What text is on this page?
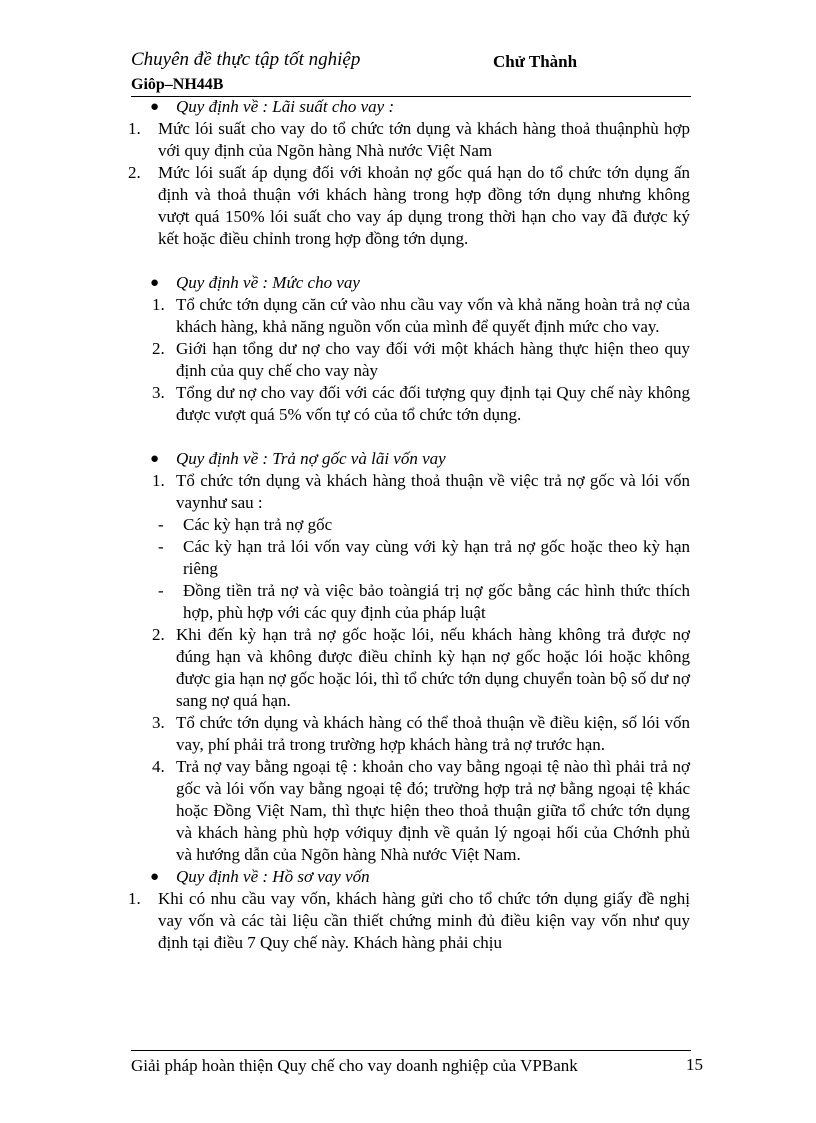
Chuyên đề thực tập tốt nghiệp	Chử Thành
Giôp–NH44B
● Quy định về : Lãi suất cho vay :
1. Mức lói suất cho vay do tổ chức tớn dụng và khách hàng thoả thuậnphù hợp với quy định của Ngõn hàng Nhà nước Việt Nam
2. Mức lói suất áp dụng đối với khoản nợ gốc quá hạn do tổ chức tớn dụng ấn định và thoả thuận với khách hàng trong hợp đồng tớn dụng nhưng không vượt quá 150% lói suất cho vay áp dụng trong thời hạn cho vay đã được ký kết hoặc điều chỉnh trong hợp đồng tớn dụng.
● Quy định về : Mức cho vay
1. Tổ chức tớn dụng căn cứ vào nhu cầu vay vốn và khả năng hoàn trả nợ của khách hàng, khả năng nguồn vốn của mình để quyết định mức cho vay.
2. Giới hạn tổng dư nợ cho vay đối với một khách hàng thực hiện theo quy định của quy chế cho vay này
3. Tổng dư nợ cho vay đối với các đối tượng quy định tại Quy chế này không được vượt quá 5% vốn tự có của tổ chức tớn dụng.
● Quy định về : Trả nợ gốc và lãi vốn vay
1. Tổ chức tớn dụng và khách hàng thoả thuận về việc trả nợ gốc và lói vốn vaynhư sau :
- Các kỳ hạn trả nợ gốc
- Các kỳ hạn trả lói vốn vay cùng với kỳ hạn trả nợ gốc hoặc theo kỳ hạn riêng
- Đồng tiền trả nợ và việc bảo toàngiá trị nợ gốc bằng các hình thức thích hợp, phù hợp với các quy định của pháp luật
2. Khi đến kỳ hạn trả nợ gốc hoặc lói, nếu khách hàng không trả được nợ đúng hạn và không được điều chỉnh kỳ hạn nợ gốc hoặc lói hoặc không được gia hạn nợ gốc hoặc lói, thì tổ chức tớn dụng chuyển toàn bộ số dư nợ sang nợ quá hạn.
3. Tổ chức tớn dụng và khách hàng có thể thoả thuận về điều kiện, số lói vốn vay, phí phải trả trong trường hợp khách hàng trả nợ trước hạn.
4. Trả nợ vay bằng ngoại tệ : khoản cho vay bằng ngoại tệ nào thì phải trả nợ gốc và lói vốn vay bằng ngoại tệ đó; trường hợp trả nợ bằng ngoại tệ khác hoặc Đồng Việt Nam, thì thực hiện theo thoả thuận giữa tổ chức tớn dụng và khách hàng phù hợp vớiquy định về quản lý ngoại hối của Chớnh phủ và hướng dẫn của Ngõn hàng Nhà nước Việt Nam.
● Quy định về : Hồ sơ vay vốn
1. Khi có nhu cầu vay vốn, khách hàng gửi cho tổ chức tớn dụng giấy đề nghị vay vốn và các tài liệu cần thiết chứng minh đủ điều kiện vay vốn như quy định tại điều 7 Quy chế này. Khách hàng phải chịu
Giải pháp hoàn thiện Quy chế cho vay doanh nghiệp của VPBank	15
